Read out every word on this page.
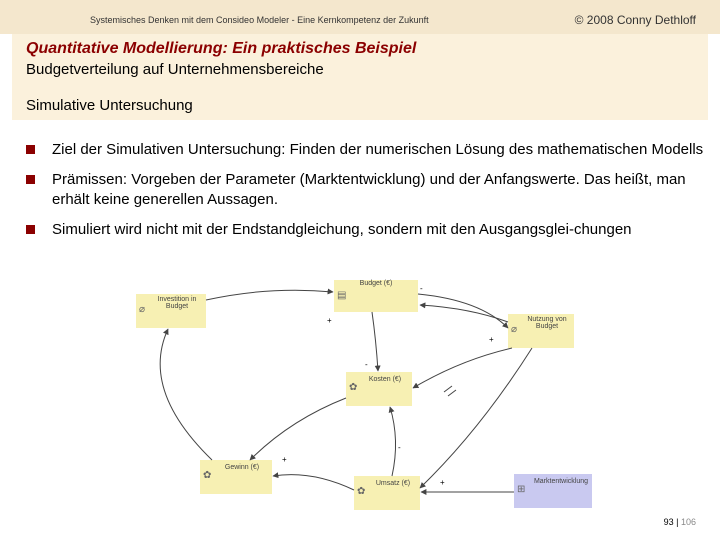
Systemisches Denken mit dem Consideo Modeler - Eine Kernkompetenz der Zukunft	© 2008 Conny Dethloff
Quantitative Modellierung: Ein praktisches Beispiel
Budgetverteilung auf Unternehmensbereiche
Simulative Untersuchung
Ziel der Simulativen Untersuchung: Finden der numerischen Lösung des mathematischen Modells
Prämissen: Vorgeben der Parameter (Marktentwicklung) und der Anfangswerte. Das heißt, man erhält keine generellen Aussagen.
Simuliert wird nicht mit der Endstandgleichung, sondern mit den Ausgangsglei-chungen
▤
Budget (€)
⌀
Investition in Budget
⌀
Nutzung von Budget
✿
Kosten (€)
✿
Gewinn (€)
✿
Umsatz (€)
⊞
Marktentwicklung
-
+
+
-
-
+
+
93 | 106
